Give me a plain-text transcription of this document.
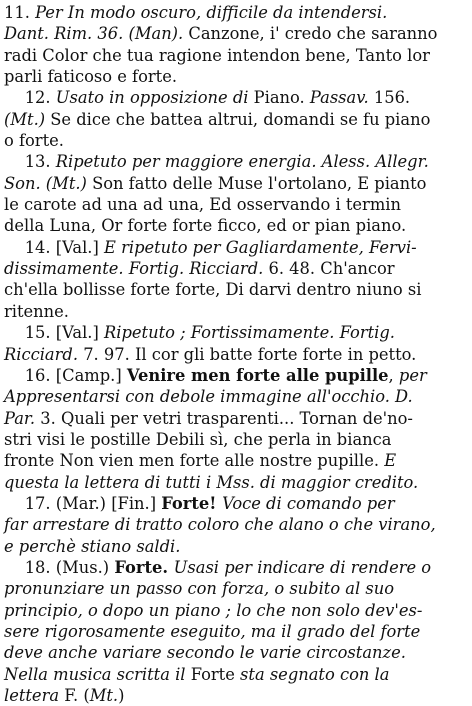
11. Per In modo oscuro, difficile da intendersi.
Dant. Rim. 36. (Man). Canzone, i' credo che saranno
radi Color che tua ragione intendon bene, Tanto lor
parli faticoso e forte.
12. Usato in opposizione di Piano. Passav. 156.
(Mt.) Se dice che battea altrui, domandi se fu piano
o forte.
13. Ripetuto per maggiore energia. Aless. Allegr.
Son. (Mt.) Son fatto delle Muse l'ortolano, E pianto
le carote ad una ad una, Ed osservando i termin
della Luna, Or forte forte ficco, ed or pian piano.
14. [Val.] E ripetuto per Gagliardamente, Fervi-
dissimamente. Fortig. Ricciard. 6. 48. Ch'ancor
ch'ella bollisse forte forte, Di darvi dentro niuno si
ritenne.
15. [Val.] Ripetuto ; Fortissimamente. Fortig.
Ricciard. 7. 97. Il cor gli batte forte forte in petto.
16. [Camp.] Venire men forte alle pupille, per
Appresentarsi con debole immagine all'occhio. D.
Par. 3. Quali per vetri trasparenti... Tornan de'no-
stri visi le postille Debili sì, che perla in bianca
fronte Non vien men forte alle nostre pupille. E
questa la lettera di tutti i Mss. di maggior credito.
17. (Mar.) [Fin.] Forte! Voce di comando per
far arrestare di tratto coloro che alano o che virano,
e perchè stiano saldi.
18. (Mus.) Forte. Usasi per indicare di rendere o
pronunziare un passo con forza, o subito al suo
principio, o dopo un piano ; lo che non solo dev'es-
sere rigorosamente eseguito, ma il grado del forte
deve anche variare secondo le varie circostanze.
Nella musica scritta il Forte sta segnato con la
lettera F. (Mt.)
